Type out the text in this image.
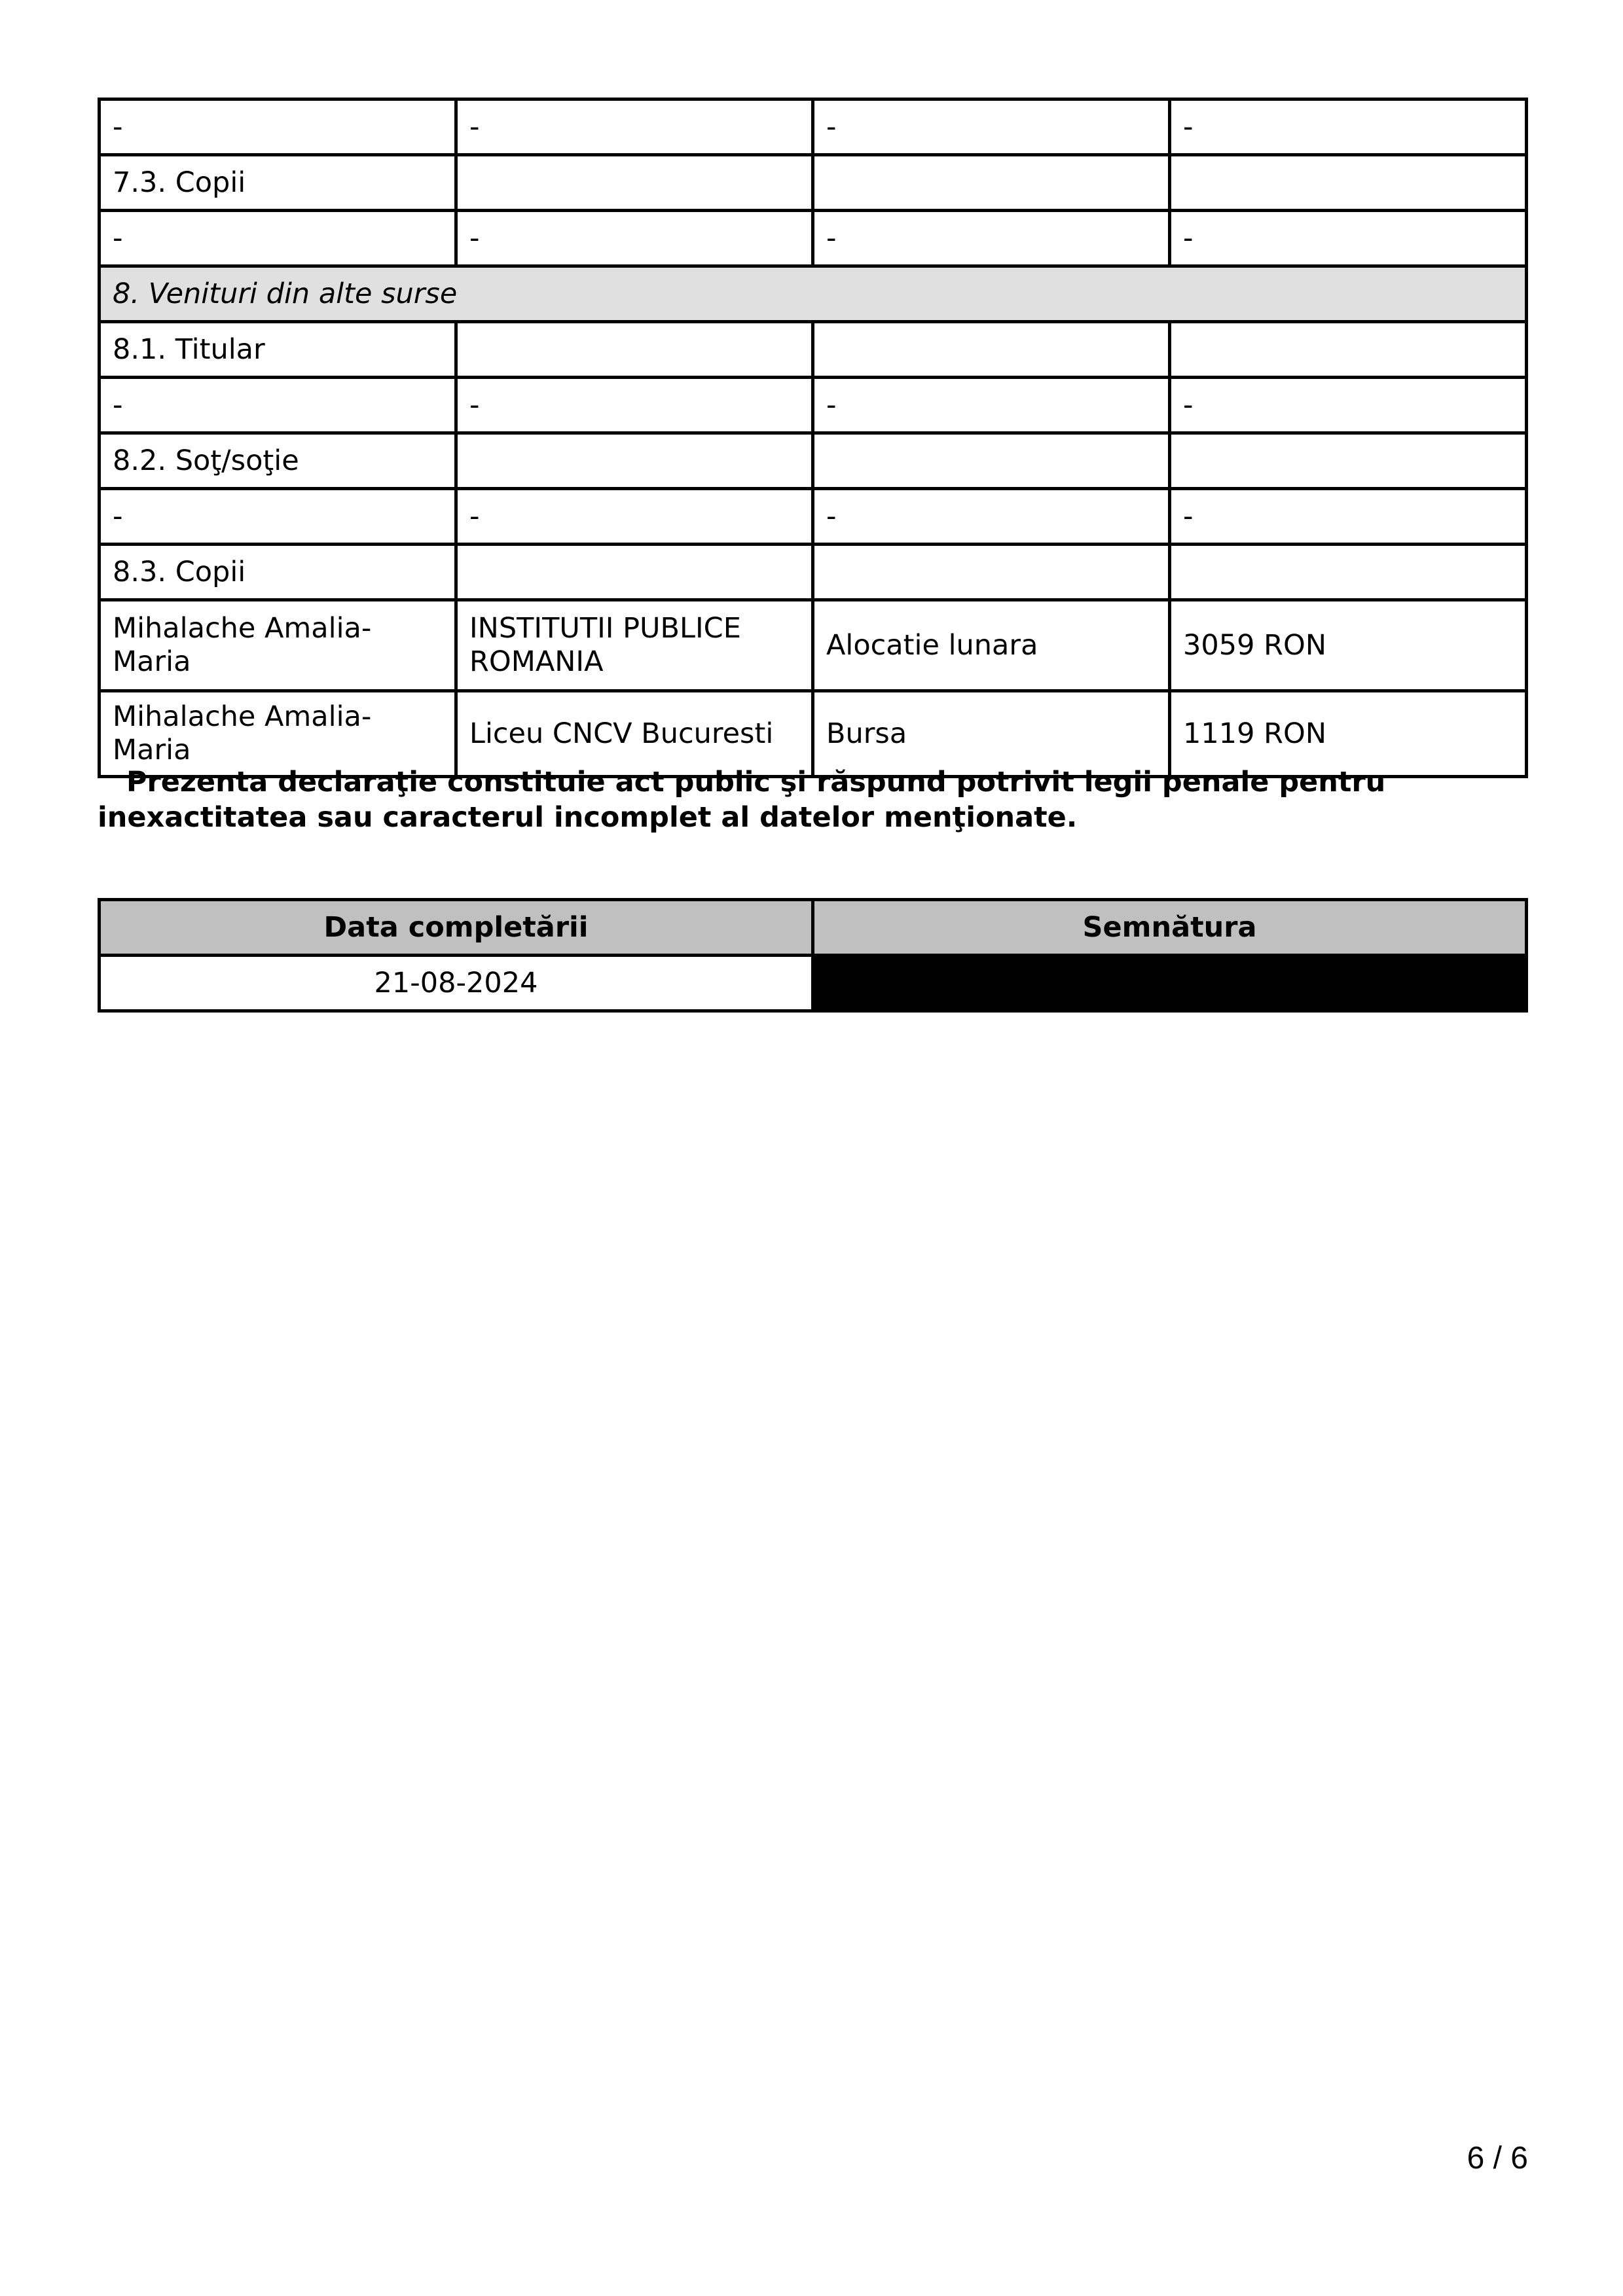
-	-	-	-
7.3. Copii			
-	-	-	-
8. Venituri din alte surse			
8.1. Titular			
-	-	-	-
8.2. Soţ/soţie			
-	-	-	-
8.3. Copii			
Mihalache Amalia-Maria	INSTITUTII PUBLICE ROMANIA	Alocatie lunara	3059 RON
Mihalache Amalia-Maria	Liceu CNCV Bucuresti	Bursa	1119 RON

Prezenta declaraţie constituie act public şi răspund potrivit legii penale pentru inexactitatea sau caracterul incomplet al datelor menţionate.

Data completării	Semnătura
21-08-2024	
6 / 6
